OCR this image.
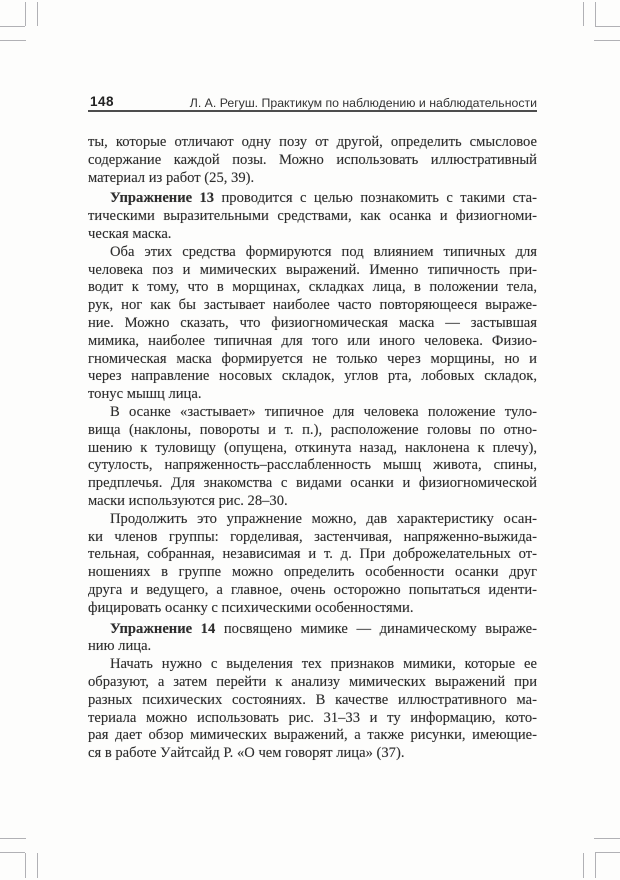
148	Л. А. Регуш. Практикум по наблюдению и наблюдательности
ты, которые отличают одну позу от другой, определить смысловое
содержание каждой позы. Можно использовать иллюстративный
материал из работ (25, 39).
Упражнение 13 проводится с целью познакомить с такими ста-
тическими выразительными средствами, как осанка и физиогноми-
ческая маска.
Оба этих средства формируются под влиянием типичных для
человека поз и мимических выражений. Именно типичность при-
водит к тому, что в морщинах, складках лица, в положении тела,
рук, ног как бы застывает наиболее часто повторяющееся выраже-
ние. Можно сказать, что физиогномическая маска — застывшая
мимика, наиболее типичная для того или иного человека. Физио-
гномическая маска формируется не только через морщины, но и
через направление носовых складок, углов рта, лобовых складок,
тонус мышц лица.
В осанке «застывает» типичное для человека положение туло-
вища (наклоны, повороты и т. п.), расположение головы по отно-
шению к туловищу (опущена, откинута назад, наклонена к плечу),
сутулость, напряженность–расслабленность мышц живота, спины,
предплечья. Для знакомства с видами осанки и физиогномической
маски используются рис. 28–30.
Продолжить это упражнение можно, дав характеристику осан-
ки членов группы: горделивая, застенчивая, напряженно-выжида-
тельная, собранная, независимая и т. д. При доброжелательных от-
ношениях в группе можно определить особенности осанки друг
друга и ведущего, а главное, очень осторожно попытаться иденти-
фицировать осанку с психическими особенностями.
Упражнение 14 посвящено мимике — динамическому выраже-
нию лица.
Начать нужно с выделения тех признаков мимики, которые ее
образуют, а затем перейти к анализу мимических выражений при
разных психических состояниях. В качестве иллюстративного ма-
териала можно использовать рис. 31–33 и ту информацию, кото-
рая дает обзор мимических выражений, а также рисунки, имеющие-
ся в работе Уайтсайд Р. «О чем говорят лица» (37).
